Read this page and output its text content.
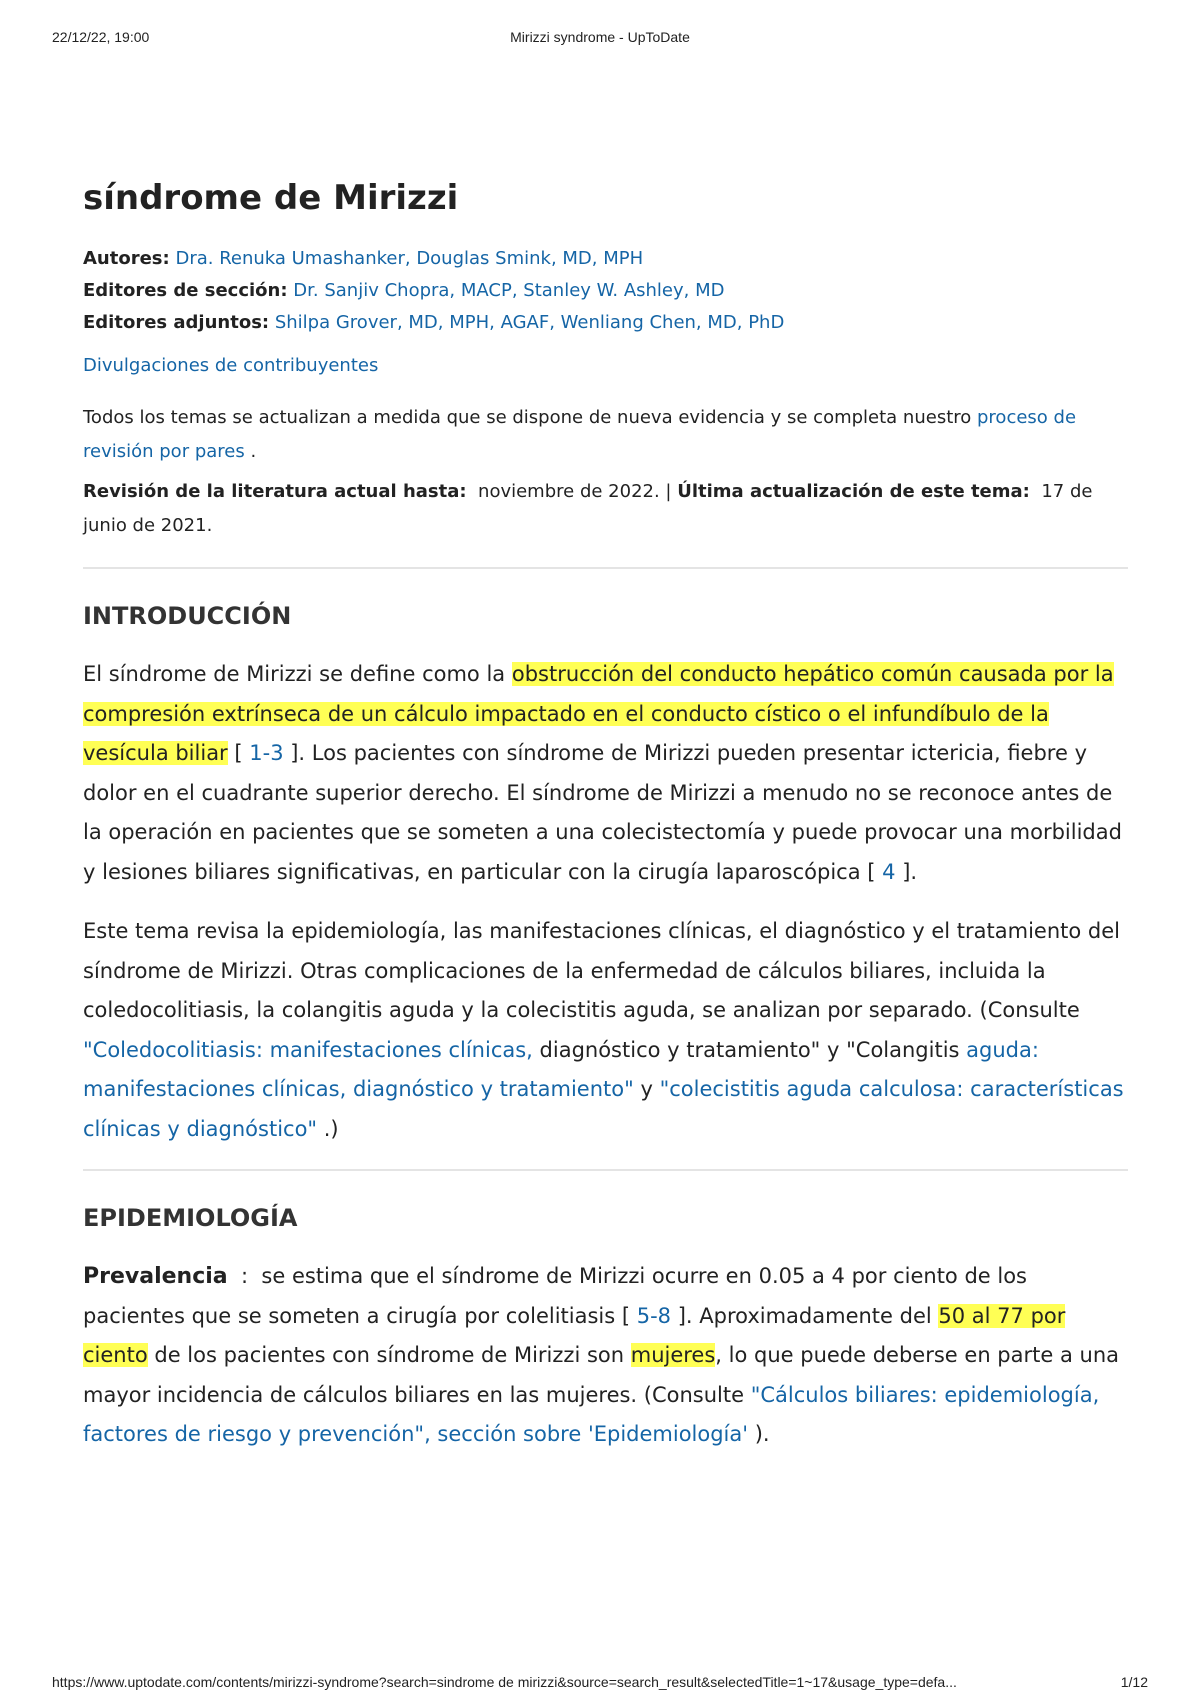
22/12/22, 19:00	Mirizzi syndrome - UpToDate
síndrome de Mirizzi
Autores: Dra. Renuka Umashanker, Douglas Smink, MD, MPH
Editores de sección: Dr. Sanjiv Chopra, MACP, Stanley W. Ashley, MD
Editores adjuntos: Shilpa Grover, MD, MPH, AGAF, Wenliang Chen, MD, PhD
Divulgaciones de contribuyentes
Todos los temas se actualizan a medida que se dispone de nueva evidencia y se completa nuestro proceso de revisión por pares .
Revisión de la literatura actual hasta: noviembre de 2022. | Última actualización de este tema: 17 de junio de 2021.
INTRODUCCIÓN

El síndrome de Mirizzi se define como la obstrucción del conducto hepático común causada por la compresión extrínseca de un cálculo impactado en el conducto cístico o el infundíbulo de la vesícula biliar [ 1-3 ]. Los pacientes con síndrome de Mirizzi pueden presentar ictericia, fiebre y dolor en el cuadrante superior derecho. El síndrome de Mirizzi a menudo no se reconoce antes de la operación en pacientes que se someten a una colecistectomía y puede provocar una morbilidad y lesiones biliares significativas, en particular con la cirugía laparoscópica [ 4 ].

Este tema revisa la epidemiología, las manifestaciones clínicas, el diagnóstico y el tratamiento del síndrome de Mirizzi. Otras complicaciones de la enfermedad de cálculos biliares, incluida la coledocolitiasis, la colangitis aguda y la colecistitis aguda, se analizan por separado. (Consulte "Coledocolitiasis: manifestaciones clínicas, diagnóstico y tratamiento" y "Colangitis aguda: manifestaciones clínicas, diagnóstico y tratamiento" y "colecistitis aguda calculosa: características clínicas y diagnóstico" .)

EPIDEMIOLOGÍA

Prevalencia  :  se estima que el síndrome de Mirizzi ocurre en 0.05 a 4 por ciento de los pacientes que se someten a cirugía por colelitiasis [ 5-8 ]. Aproximadamente del 50 al 77 por ciento de los pacientes con síndrome de Mirizzi son mujeres, lo que puede deberse en parte a una mayor incidencia de cálculos biliares en las mujeres. (Consulte "Cálculos biliares: epidemiología, factores de riesgo y prevención", sección sobre 'Epidemiología' ).

https://www.uptodate.com/contents/mirizzi-syndrome?search=sindrome de mirizzi&source=search_result&selectedTitle=1~17&usage_type=defa...	1/12
